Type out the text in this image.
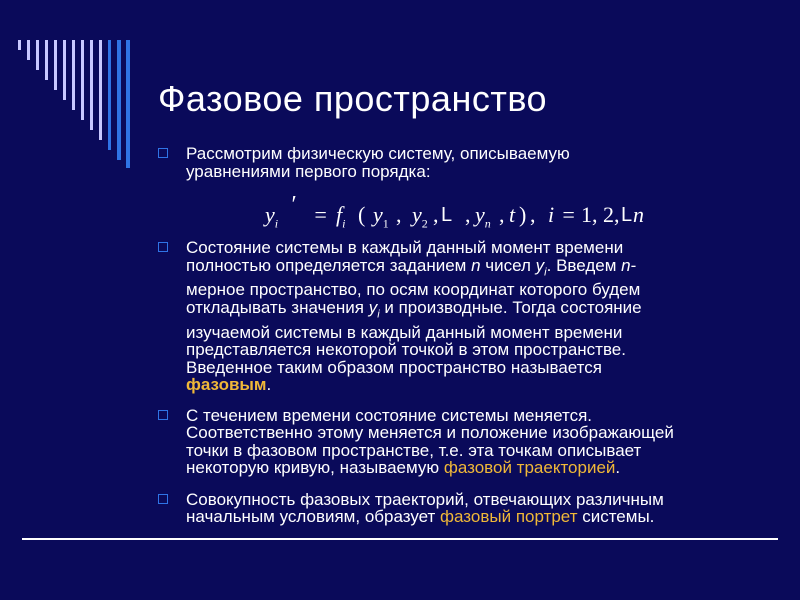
Фазовое пространство
Рассмотрим физическую систему, описываемую
уравнениями первого порядка:
$y_i$
′ = $f_i$ ( $y_1$ , $y_2$ , L , $y_n$ , t ) , i = 1, 2, L n
Состояние системы в каждый данный момент времени
полностью определяется заданием n чисел $y_i$. Введем n-
мерное пространство, по осям координат которого будем
откладывать значения $y_i$ и производные. Тогда состояние
изучаемой системы в каждый данный момент времени
представляется некоторой точкой в этом пространстве.
Введенное таким образом пространство называется
фазовым.
С течением времени состояние системы меняется.
Соответственно этому меняется и положение изображающей
точки в фазовом пространстве, т.е. эта точкам описывает
некоторую кривую, называемую фазовой траекторией.
Совокупность фазовых траекторий, отвечающих различным
начальным условиям, образует фазовый портрет системы.
